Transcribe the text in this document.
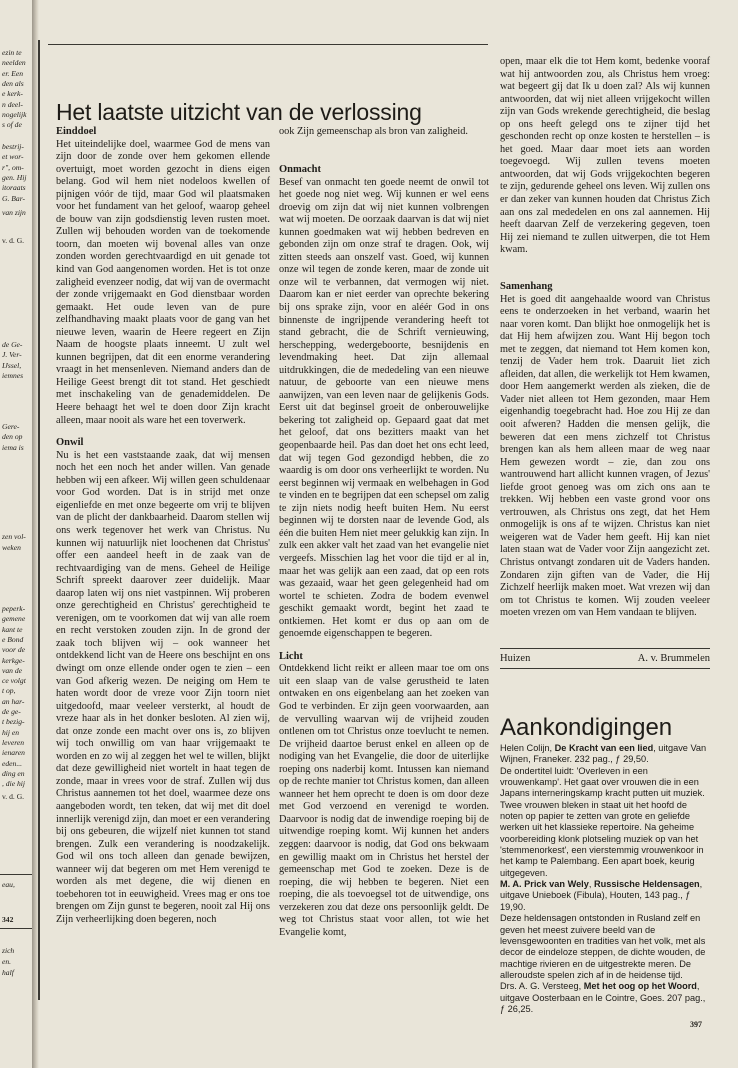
ezin te
neelden
er. Een
den als
e kerk-
n deel-
nogelijk
s of de
bestrij-
et wor-
r", om-
gen. Hij
itoraats
G. Bar-
van zijn
v. d. G.
de Ge-
J. Ver-
IJssel,
iemnes
Gere-
den op
iema is
zen vol-
weken
peperk-
gemene
kant te
e Bond
voor de
kerkge-
van de
ce volgt
t op,
an har-
de ge-
t bezig-
hij en
leveren
ienaren
eden...
ding en
, die hij
v. d. G.
eau,
342
zich
en.
half
Het laatste uitzicht van de verlossing
Einddoel

Het uiteindelijke doel, waarmee God de mens van zijn door de zonde over hem gekomen ellende overtuigt, moet worden gezocht in diens eigen belang. God wil hem niet nodeloos kwellen of pijnigen vóór de tijd, maar God wil plaatsmaken voor het fundament van het geloof, waarop geheel de bouw van zijn godsdienstig leven rusten moet. Zullen wij behouden worden van de toekomende toorn, dan moeten wij bovenal alles van onze zonden worden gerechtvaardigd en uit genade tot kind van God aangenomen worden. Het is tot onze zaligheid evenzeer nodig, dat wij van de overmacht der zonde vrijgemaakt en God dienstbaar worden gemaakt. Het oude leven van de pure zelfhandhaving maakt plaats voor de gang van het nieuwe leven, waarin de Heere regeert en Zijn Naam de hoogste plaats inneemt. U zult wel kunnen begrijpen, dat dit een enorme verandering vraagt in het mensenleven. Niemand anders dan de Heilige Geest brengt dit tot stand. Het geschiedt met inschakeling van de genademiddelen. De Heere behaagt het wel te doen door Zijn kracht alleen, maar nooit als ware het een toverwerk.

Onwil

Nu is het een vaststaande zaak, dat wij mensen noch het een noch het ander willen. Van genade hebben wij een afkeer. Wij willen geen schuldenaar voor God worden. Dat is in strijd met onze eigenliefde en met onze begeerte om vrij te blijven van de plicht der dankbaarheid. Daarom stellen wij ons werk tegenover het werk van Christus. Nu kunnen wij natuurlijk niet loochenen dat Christus' offer een aandeel heeft in de zaak van de rechtvaardiging van de mens. Geheel de Heilige Schrift spreekt daarover zeer duidelijk. Maar daarop laten wij ons niet vastpinnen. Wij proberen onze gerechtigheid en Christus' gerechtigheid te verenigen, om te voorkomen dat wij van alle roem en recht verstoken zouden zijn. In de grond der zaak toch blijven wij – ook wanneer het ontdekkend licht van de Heere ons beschijnt en ons dwingt om onze ellende onder ogen te zien – een van God afkerig wezen. De neiging om Hem te haten wordt door de vreze voor Zijn toorn niet uitgedoofd, maar veeleer versterkt, al houdt de vreze haar als in het donker besloten. Al zien wij, dat onze zonde een macht over ons is, zo blijven wij toch onwillig om van haar vrijgemaakt te worden en zo wij al zeggen het wel te willen, blijkt dat deze gewilligheid niet wortelt in haat tegen de zonde, maar in vrees voor de straf. Zullen wij dus Christus aannemen tot het doel, waarmee deze ons aangeboden wordt, ten teken, dat wij met dit doel innerlijk verenigd zijn, dan moet er een verandering bij ons gebeuren, die wijzelf niet kunnen tot stand brengen. Zulk een verandering is noodzakelijk. God wil ons toch alleen dan genade bewijzen, wanneer wij dat begeren om met Hem verenigd te worden als met degene, die wij dienen en toebehoren tot in eeuwigheid. Vrees mag er ons toe brengen om Zijn gunst te begeren, nooit zal Hij ons Zijn verheerlijking doen begeren, noch

ook Zijn gemeenschap als bron van zaligheid.

Onmacht

Besef van onmacht ten goede neemt de onwil tot het goede nog niet weg. Wij kunnen er wel eens droevig om zijn dat wij niet kunnen volbrengen wat wij moeten. De oorzaak daarvan is dat wij niet kunnen goedmaken wat wij hebben bedreven en gebonden zijn om onze straf te dragen. Ook, wij zitten steeds aan onszelf vast. Goed, wij kunnen onze wil tegen de zonde keren, maar de zonde uit onze wil te verbannen, dat vermogen wij niet. Daarom kan er niet eerder van oprechte bekering bij ons sprake zijn, voor en aléér God in ons binnenste de ingrijpende verandering heeft tot stand gebracht, die de Schrift vernieuwing, herschepping, wedergeboorte, besnijdenis en levendmaking heet. Dat zijn allemaal uitdrukkingen, die de mededeling van een nieuwe natuur, de geboorte van een nieuwe mens aanwijzen, van een leven naar de gelijkenis Gods. Eerst uit dat beginsel groeit de onberouwelijke bekering tot zaligheid op. Gepaard gaat dat met het geloof, dat ons bezitters maakt van het geopenbaarde heil. Pas dan doet het ons echt leed, dat wij tegen God gezondigd hebben, die zo waardig is om door ons verheerlijkt te worden. Nu eerst beginnen wij vermaak en welbehagen in God te vinden en te begrijpen dat een schepsel om zalig te zijn niets nodig heeft buiten Hem. Nu eerst beginnen wij te dorsten naar de levende God, als één die buiten Hem niet meer gelukkig kan zijn. In zulk een akker valt het zaad van het evangelie niet vergeefs. Misschien lag het voor die tijd er al in, maar het was gelijk aan een zaad, dat op een rots was gezaaid, waar het geen gelegenheid had om wortel te schieten. Zodra de bodem evenwel geschikt gemaakt wordt, begint het zaad te ontkiemen. Het komt er dus op aan om de genoemde eigenschappen te begeren.

Licht

Ontdekkend licht reikt er alleen maar toe om ons uit een slaap van de valse gerustheid te laten ontwaken en ons eigenbelang aan het zoeken van God te verbinden. Er zijn geen voorwaarden, aan de vervulling waarvan wij de vrijheid zouden ontlenen om tot Christus onze toevlucht te nemen. De vrijheid daartoe berust enkel en alleen op de nodiging van het Evangelie, die door de uiterlijke roeping ons naderbij komt. Intussen kan niemand op de rechte manier tot Christus komen, dan alleen wanneer het hem oprecht te doen is om door deze met God verzoend en verenigd te worden. Daarvoor is nodig dat de inwendige roeping bij de uitwendige roeping komt. Wij kunnen het anders zeggen: daarvoor is nodig, dat God ons bekwaam en gewillig maakt om in Christus het herstel der gemeenschap met God te zoeken. Deze is de roeping, die wij hebben te begeren. Niet een roeping, die als toevoegsel tot de uitwendige, ons verzekeren zou dat deze ons persoonlijk geldt. De weg tot Christus staat voor allen, tot wie het Evangelie komt,

open, maar elk die tot Hem komt, bedenke vooraf wat hij antwoorden zou, als Christus hem vroeg: wat begeert gij dat Ik u doen zal? Als wij kunnen antwoorden, dat wij niet alleen vrijgekocht willen zijn van Gods wrekende gerechtigheid, die beslag op ons heeft gelegd ons te zijner tijd het geschonden recht op onze kosten te herstellen – is het goed. Maar daar moet iets aan worden toegevoegd. Wij zullen tevens moeten antwoorden, dat wij Gods vrijgekochten begeren te zijn, gedurende geheel ons leven. Wij zullen ons er dan zeker van kunnen houden dat Christus Zich aan ons zal mededelen en ons zal aannemen. Hij heeft daarvan Zelf de verzekering gegeven, toen Hij zei niemand te zullen uitwerpen, die tot Hem kwam.

Samenhang

Het is goed dit aangehaalde woord van Christus eens te onderzoeken in het verband, waarin het naar voren komt. Dan blijkt hoe onmogelijk het is dat Hij hem afwijzen zou. Want Hij begon toch met te zeggen, dat niemand tot Hem komen kon, tenzij de Vader hem trok. Daaruit liet zich afleiden, dat allen, die werkelijk tot Hem kwamen, door Hem aangemerkt werden als zieken, die de Vader niet alleen tot Hem gezonden, maar Hem eigenhandig toegebracht had. Hoe zou Hij ze dan ooit afweren? Hadden die mensen gelijk, die beweren dat een mens zichzelf tot Christus brengen kan als hem alleen maar de weg naar Hem gewezen wordt – zie, dan zou ons wantrouwend hart allicht kunnen vragen, of Jezus' liefde groot genoeg was om zich ons aan te trekken. Wij hebben een vaste grond voor ons vertrouwen, als Christus ons zegt, dat het Hem onmogelijk is ons af te wijzen. Christus kan niet weigeren wat de Vader hem geeft. Hij kan niet laten staan wat de Vader voor Zijn aangezicht zet. Christus ontvangt zondaren uit de Vaders handen. Zondaren zijn giften van de Vader, die Hij Zichzelf heerlijk maken moet. Wat vrezen wij dan om tot Christus te komen. Wij zouden veeleer moeten vrezen om van Hem vandaan te blijven.

Huizen	A. v. Brummelen
Aankondigingen

Helen Colijn, De Kracht van een lied, uitgave Van Wijnen, Franeker. 232 pag., ƒ 29,50.

De ondertitel luidt: 'Overleven in een vrouwenkamp'. Het gaat over vrouwen die in een Japans interneringskamp kracht putten uit muziek. Twee vrouwen bleken in staat uit het hoofd de noten op papier te zetten van grote en geliefde werken uit het klassieke repertoire. Na geheime voorbereiding klonk plotseling muziek op van het 'stemmenorkest', een vierstemmig vrouwenkoor in het kamp te Palembang. Een apart boek, keurig uitgegeven.

M. A. Prick van Wely, Russische Heldensagen, uitgave Unieboek (Fibula), Houten, 143 pag., ƒ 19,90.

Deze heldensagen ontstonden in Rusland zelf en geven het meest zuivere beeld van de levensgewoonten en tradities van het volk, met als decor de eindeloze steppen, de dichte wouden, de machtige rivieren en de uitgestrekte meren. De alleroudste spelen zich af in de heidense tijd.

Drs. A. G. Versteeg, Met het oog op het Woord, uitgave Oosterbaan en le Cointre, Goes. 207 pag., ƒ 26,25.

397
